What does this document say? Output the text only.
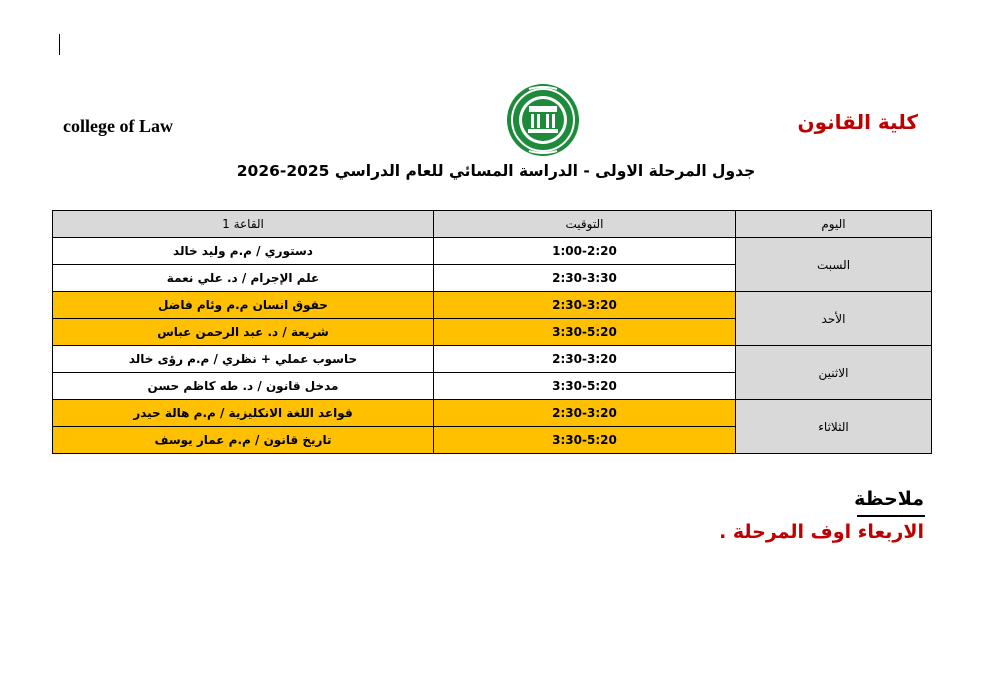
college of Law	كلية القانون
جدول المرحلة الاولى - الدراسة المسائي للعام الدراسي 2025-2026
اليوم	التوقيت	القاعة 1
السبت	1:00-2:20	دستوري / م.م وليد خالد
	2:30-3:30	علم الإجرام / د. علي نعمة
الأحد	2:30-3:20	حقوق انسان م.م وئام فاضل
	3:30-5:20	شريعة / د. عبد الرحمن عباس
الاثنين	2:30-3:20	حاسوب عملي + نظري / م.م رؤى خالد
	3:30-5:20	مدخل قانون / د. طه كاظم حسن
الثلاثاء	2:30-3:20	قواعد اللغة الانكليزية / م.م هالة حيدر
	3:30-5:20	تاريخ قانون / م.م عمار يوسف
ملاحظة
الاربعاء اوف المرحلة .
